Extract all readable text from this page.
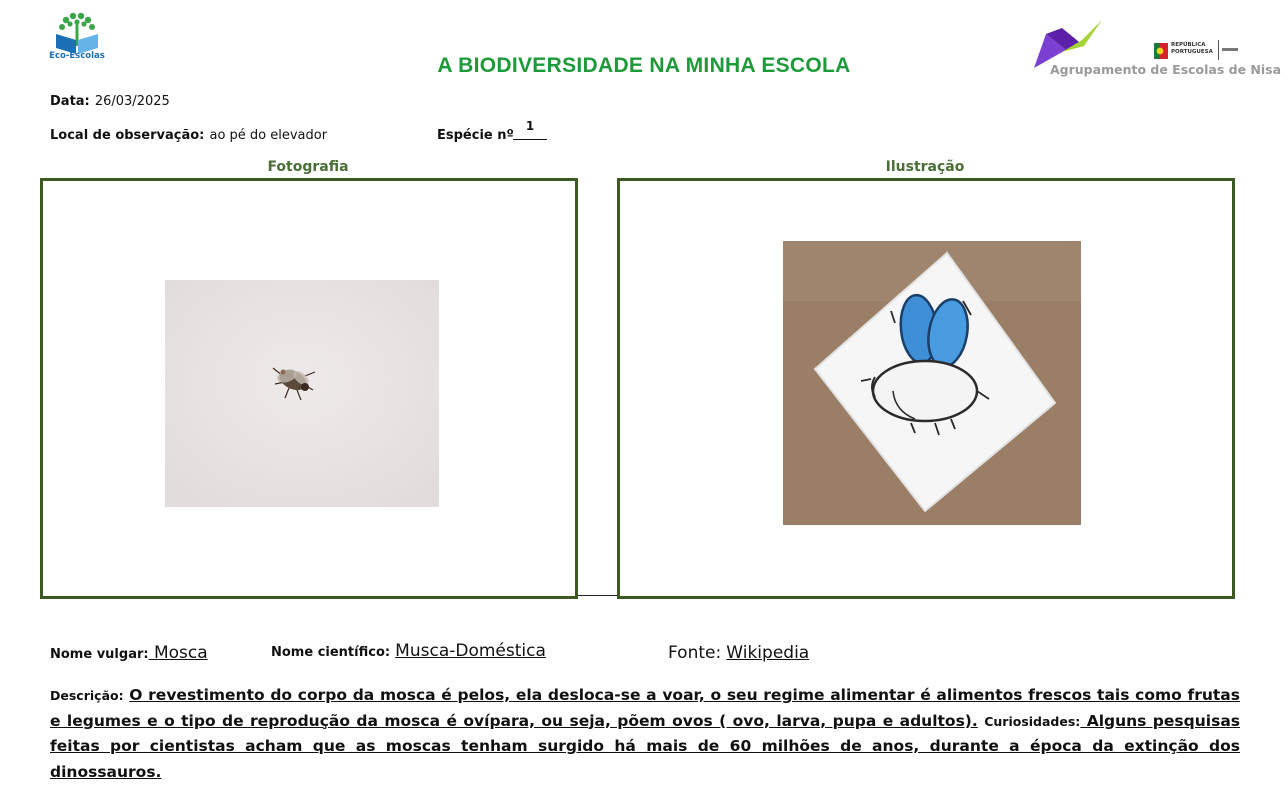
Eco-Escolas	A BIODIVERSIDADE NA MINHA ESCOLA	Agrupamento de Escolas de Nisa
REPÚBLICA
PORTUGUESA
Data: 26/03/2025
Local de observação: ao pé do elevador	Espécie nº
1
Fotografia	Ilustração
Nome vulgar: Mosca	Nome científico: Musca-Doméstica	Fonte: Wikipedia
Descrição: O revestimento do corpo da mosca é pelos, ela desloca-se a voar, o seu regime alimentar é alimentos frescos tais como frutas e legumes e o tipo de reprodução da mosca é ovípara, ou seja, põem ovos ( ovo, larva, pupa e adultos). Curiosidades: Alguns pesquisas feitas por cientistas acham que as moscas tenham surgido há mais de 60 milhões de anos, durante a época da extinção dos dinossauros.
